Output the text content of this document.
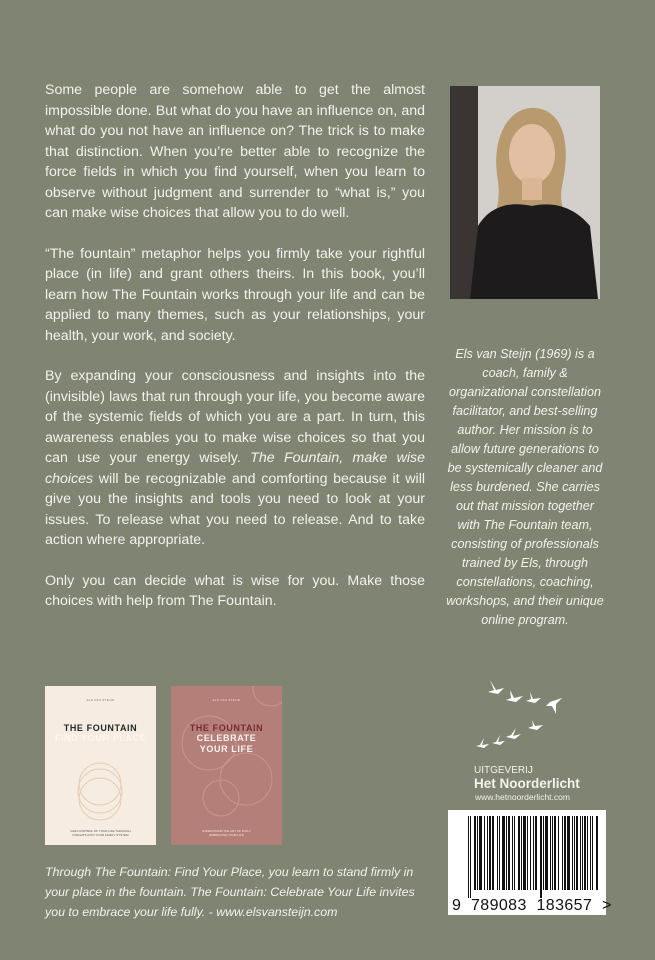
Some people are somehow able to get the almost impossible done. But what do you have an influence on, and what do you not have an influence on? The trick is to make that distinction. When you’re better able to recognize the force fields in which you find yourself, when you learn to observe without judgment and surrender to “what is,” you can make wise choices that allow you to do well.

“The fountain” metaphor helps you firmly take your rightful place (in life) and grant others theirs. In this book, you’ll learn how The Fountain works through your life and can be applied to many themes, such as your relationships, your health, your work, and society.

By expanding your consciousness and insights into the (invisible) laws that run through your life, you become aware of the systemic fields of which you are a part. In turn, this awareness enables you to make wise choices so that you can use your energy wisely. The Fountain, make wise choices will be recognizable and comforting because it will give you the insights and tools you need to look at your issues. To release what you need to release. And to take action where appropriate.

Only you can decide what is wise for you. Make those choices with help from The Fountain.

Els van Steijn (1969) is a coach, family & organizational constellation facilitator, and best-selling author. Her mission is to allow future generations to be systemically cleaner and less burdened. She carries out that mission together with The Fountain team, consisting of professionals trained by Els, through constellations, coaching, workshops, and their unique online program.
ELS VAN STEIJN
THE FOUNTAIN
FIND YOUR PLACE
GAIN CONTROL OF YOUR LIFE THROUGH INSIGHTS INTO YOUR FAMILY SYSTEM
ELS VAN STEIJN
THE FOUNTAIN
CELEBRATE YOUR LIFE
UNDERSTAND THE ART OF FULLY EMBRACING YOUR LIFE
Through The Fountain: Find Your Place, you learn to stand firmly in your place in the fountain. The Fountain: Celebrate Your Life invites you to embrace your life fully. - www.elsvansteijn.com
UITGEVERIJ
Het Noorderlicht
www.hetnoorderlicht.com
9  789083  183657  >
